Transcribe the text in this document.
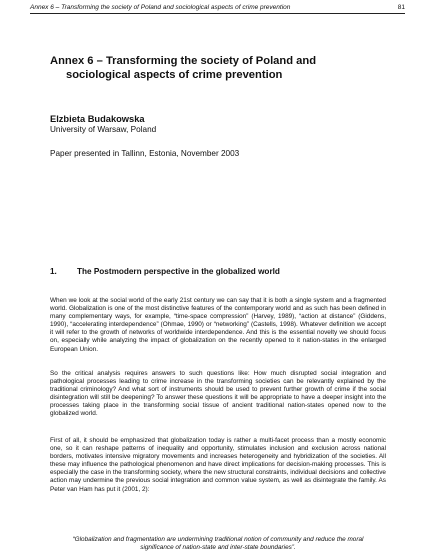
Annex 6 – Transforming the society of Poland and sociological aspects of crime prevention	81
Annex 6 – Transforming the society of Poland and
sociological aspects of crime prevention
Elzbieta Budakowska
University of Warsaw, Poland
Paper presented in Tallinn, Estonia, November 2003
1.	The Postmodern perspective in the globalized world

When we look at the social world of the early 21st century we can say that it is both a single system and a fragmented world. Globalization is one of the most distinctive features of the contemporary world and as such has been defined in many complementary ways, for example, “time-space compression” (Harvey, 1989), “action at distance” (Giddens, 1990), “accelerating interdependence” (Ohmae, 1990) or “networking” (Castells, 1998). Whatever definition we accept it will refer to the growth of networks of worldwide interdependence. And this is the essential novelty we should focus on, especially while analyzing the impact of globalization on the recently opened to it nation-states in the enlarged European Union.

So the critical analysis requires answers to such questions like: How much disrupted social integration and pathological processes leading to crime increase in the transforming societies can be relevantly explained by the traditional criminology? And what sort of instruments should be used to prevent further growth of crime if the social disintegration will still be deepening? To answer these questions it will be appropriate to have a deeper insight into the processes taking place in the transforming social tissue of ancient traditional nation-states opened now to the globalized world.

First of all, it should be emphasized that globalization today is rather a multi-facet process than a mostly economic one, so it can reshape patterns of inequality and opportunity, stimulates inclusion and exclusion across national borders, motivates intensive migratory movements and increases heterogeneity and hybridization of the societies. All these may influence the pathological phenomenon and have direct implications for decision-making processes. This is especially the case in the transforming society, where the new structural constraints, individual decisions and collective action may undermine the previous social integration and common value system, as well as disintegrate the family. As Peter van Ham has put it (2001, 2):

“Globalization and fragmentation are undermining traditional notion of community and reduce the moral significance of nation-state and inter-state boundaries”.
